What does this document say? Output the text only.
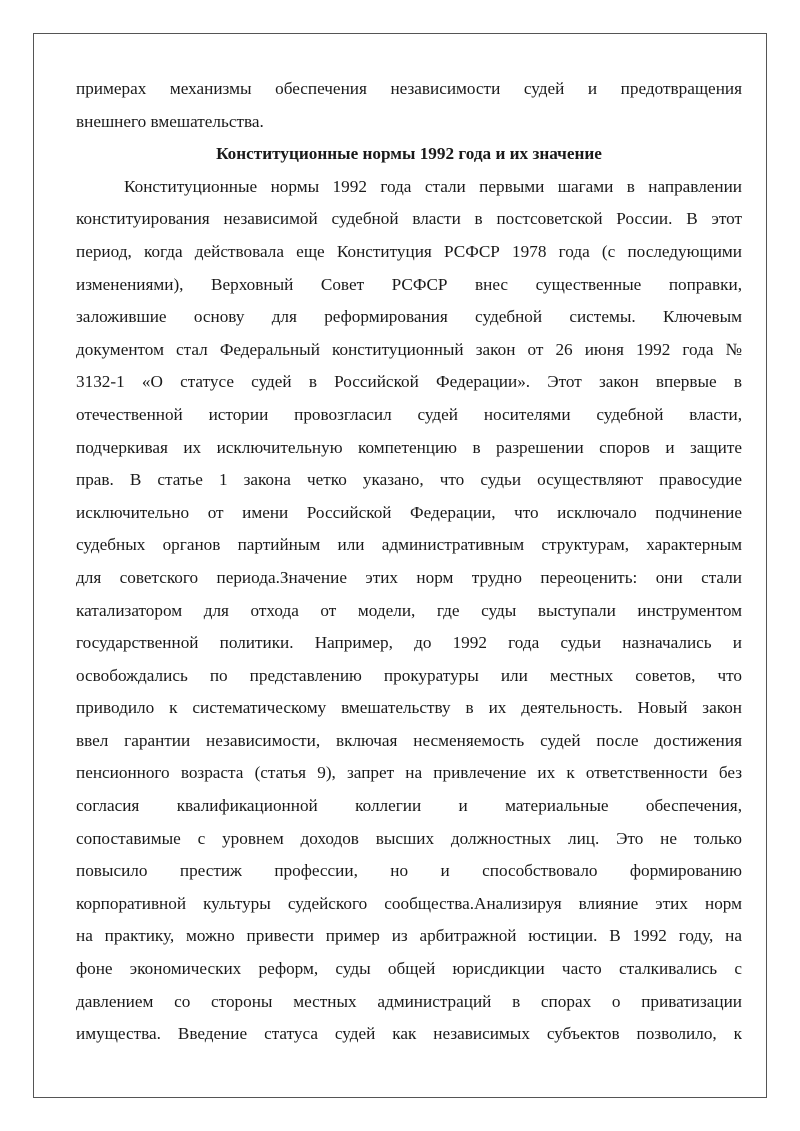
примерах механизмы обеспечения независимости судей и предотвращения
внешнего вмешательства.
Конституционные нормы 1992 года и их значение
Конституционные нормы 1992 года стали первыми шагами в направлении
конституирования независимой судебной власти в постсоветской России. В этот
период, когда действовала еще Конституция РСФСР 1978 года (с последующими
изменениями), Верховный Совет РСФСР внес существенные поправки,
заложившие основу для реформирования судебной системы. Ключевым
документом стал Федеральный конституционный закон от 26 июня 1992 года №
3132-1 «О статусе судей в Российской Федерации». Этот закон впервые в
отечественной истории провозгласил судей носителями судебной власти,
подчеркивая их исключительную компетенцию в разрешении споров и защите
прав. В статье 1 закона четко указано, что судьи осуществляют правосудие
исключительно от имени Российской Федерации, что исключало подчинение
судебных органов партийным или административным структурам, характерным
для советского периода.Значение этих норм трудно переоценить: они стали
катализатором для отхода от модели, где суды выступали инструментом
государственной политики. Например, до 1992 года судьи назначались и
освобождались по представлению прокуратуры или местных советов, что
приводило к систематическому вмешательству в их деятельность. Новый закон
ввел гарантии независимости, включая несменяемость судей после достижения
пенсионного возраста (статья 9), запрет на привлечение их к ответственности без
согласия квалификационной коллегии и материальные обеспечения,
сопоставимые с уровнем доходов высших должностных лиц. Это не только
повысило престиж профессии, но и способствовало формированию
корпоративной культуры судейского сообщества.Анализируя влияние этих норм
на практику, можно привести пример из арбитражной юстиции. В 1992 году, на
фоне экономических реформ, суды общей юрисдикции часто сталкивались с
давлением со стороны местных администраций в спорах о приватизации
имущества. Введение статуса судей как независимых субъектов позволило, к
